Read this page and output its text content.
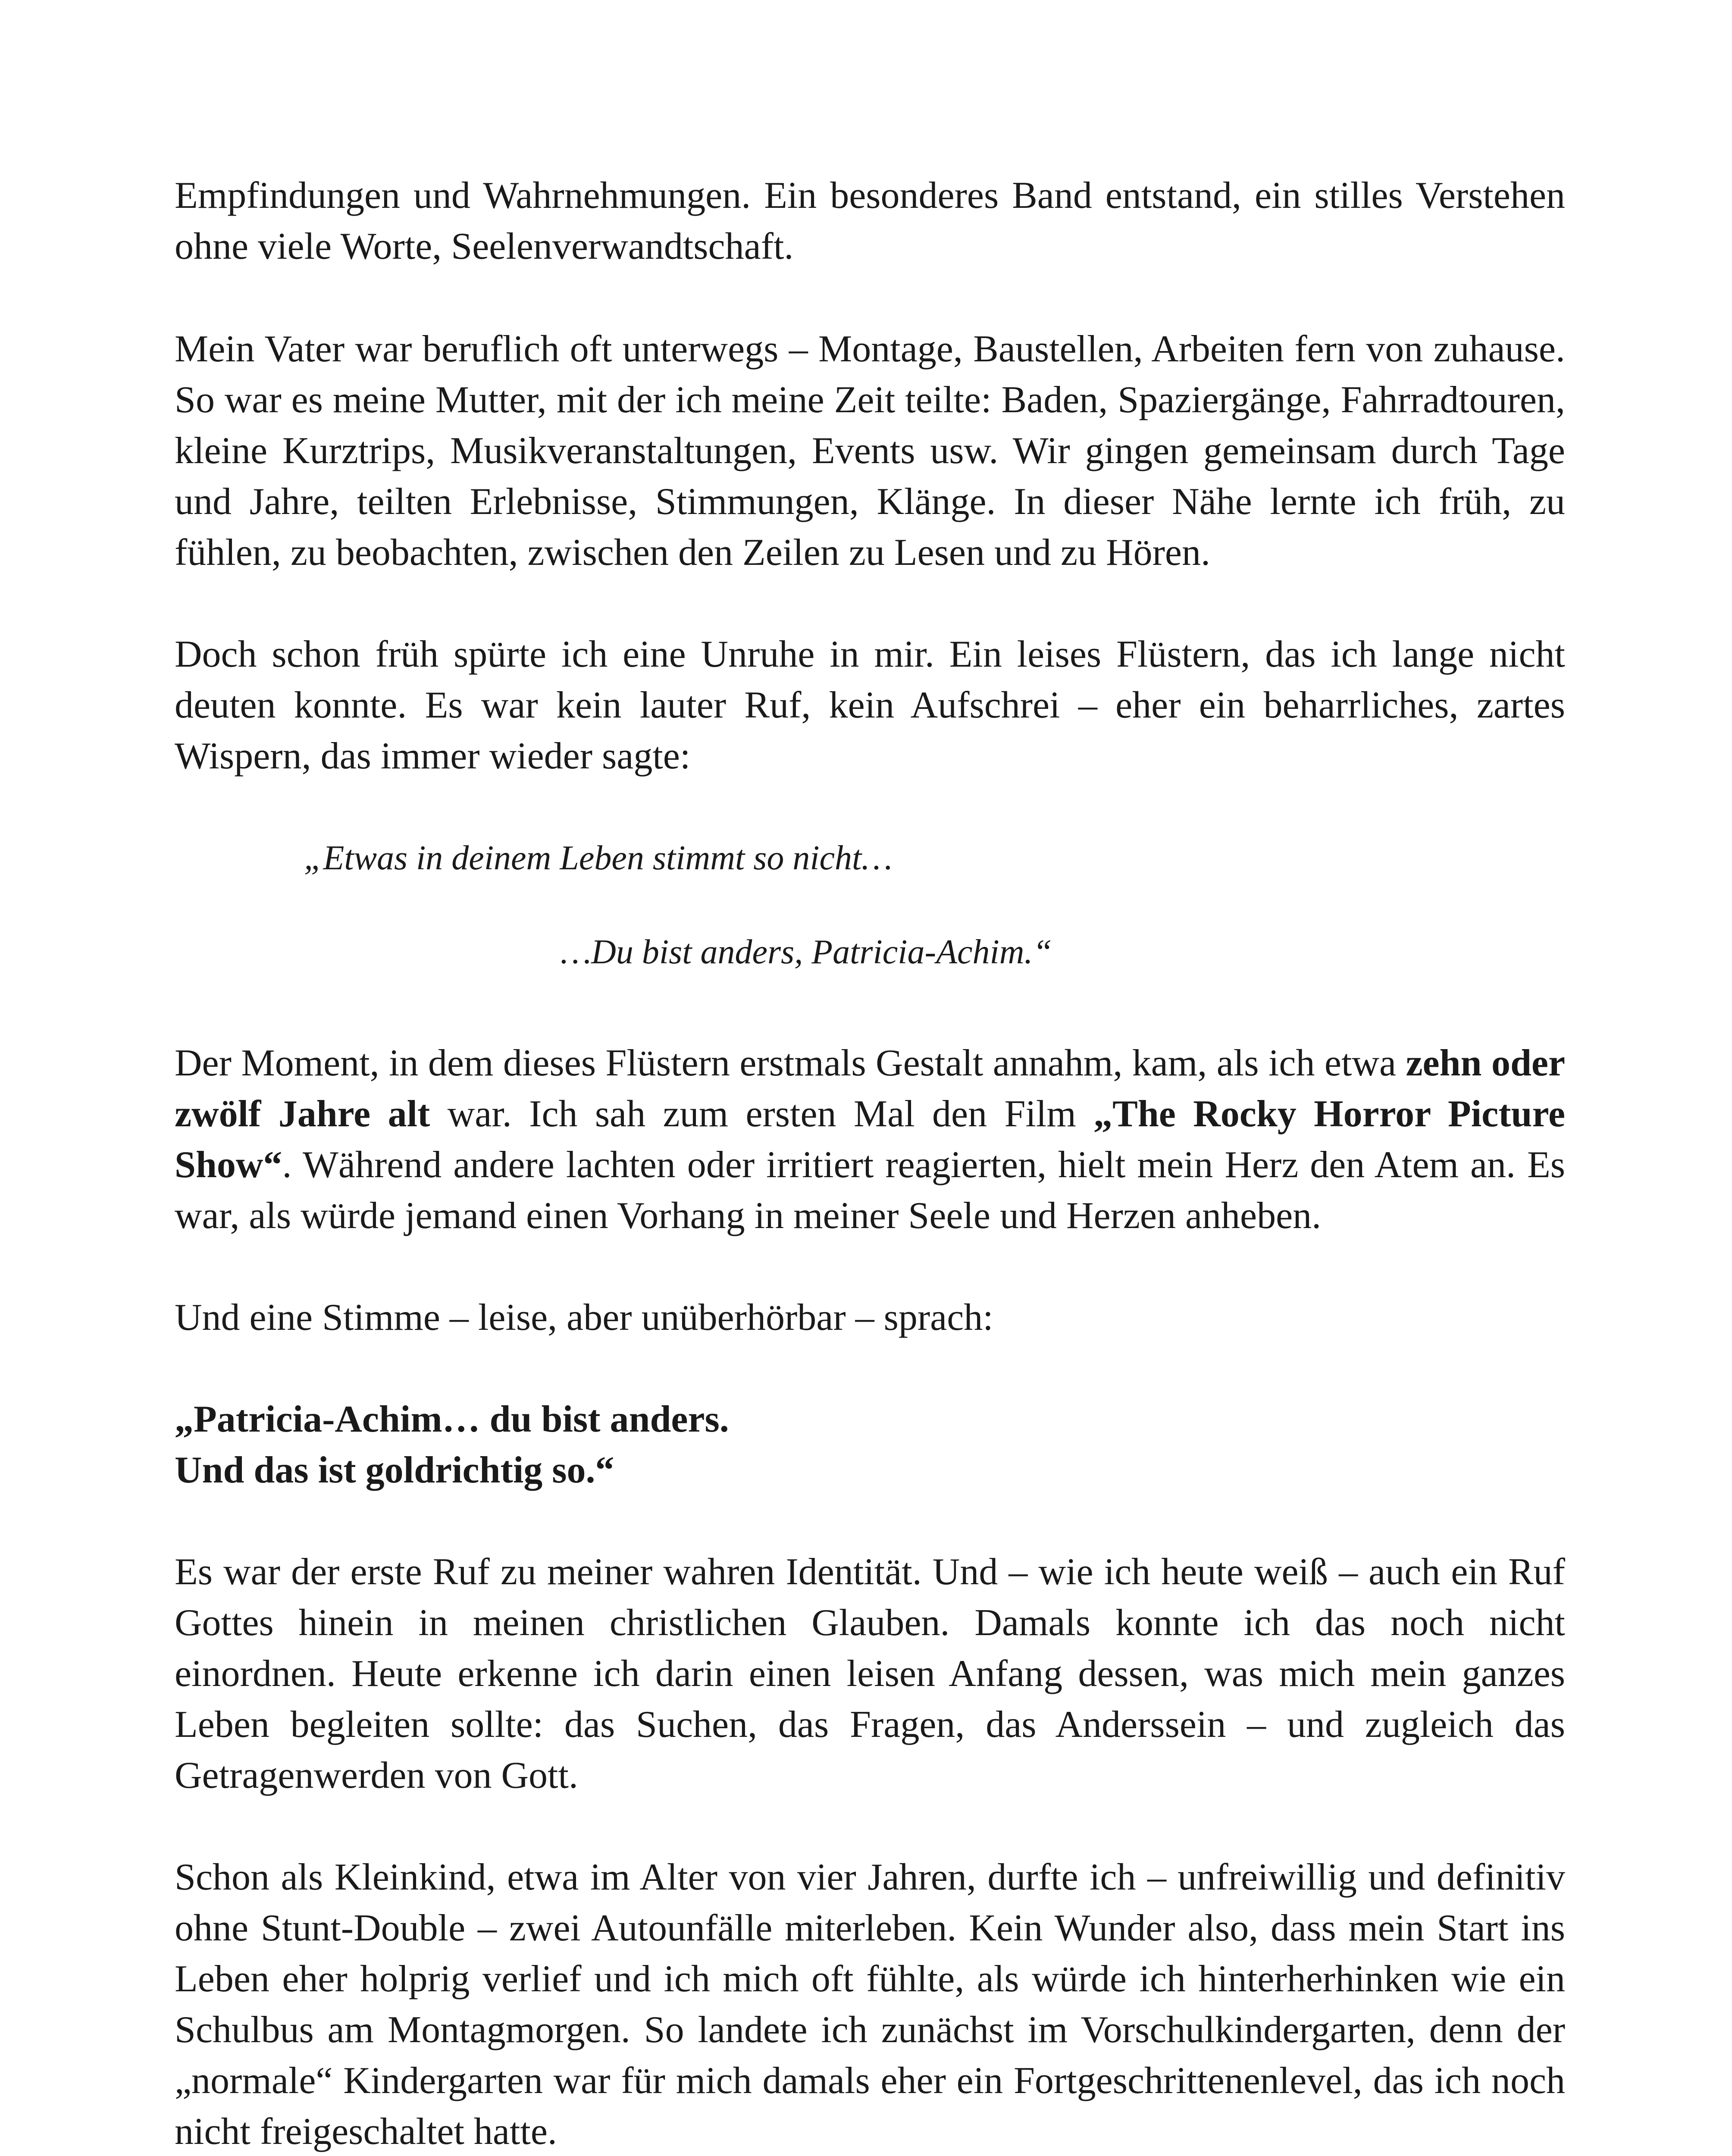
Empfindungen und Wahrnehmungen. Ein besonderes Band entstand, ein stilles Verstehen ohne viele Worte, Seelenverwandtschaft.

Mein Vater war beruflich oft unterwegs – Montage, Baustellen, Arbeiten fern von zuhause. So war es meine Mutter, mit der ich meine Zeit teilte: Baden, Spaziergänge, Fahrradtouren, kleine Kurztrips, Musikveranstaltungen, Events usw. Wir gingen gemeinsam durch Tage und Jahre, teilten Erlebnisse, Stimmungen, Klänge. In dieser Nähe lernte ich früh, zu fühlen, zu beobachten, zwischen den Zeilen zu Lesen und zu Hören.

Doch schon früh spürte ich eine Unruhe in mir. Ein leises Flüstern, das ich lange nicht deuten konnte. Es war kein lauter Ruf, kein Aufschrei – eher ein beharrliches, zartes Wispern, das immer wieder sagte:

„Etwas in deinem Leben stimmt so nicht…

…Du bist anders, Patricia-Achim.“

Der Moment, in dem dieses Flüstern erstmals Gestalt annahm, kam, als ich etwa zehn oder zwölf Jahre alt war. Ich sah zum ersten Mal den Film „The Rocky Horror Picture Show“. Während andere lachten oder irritiert reagierten, hielt mein Herz den Atem an. Es war, als würde jemand einen Vorhang in meiner Seele und Herzen anheben.

Und eine Stimme – leise, aber unüberhörbar – sprach:

„Patricia-Achim… du bist anders.
Und das ist goldrichtig so.“

Es war der erste Ruf zu meiner wahren Identität. Und – wie ich heute weiß – auch ein Ruf Gottes hinein in meinen christlichen Glauben. Damals konnte ich das noch nicht einordnen. Heute erkenne ich darin einen leisen Anfang dessen, was mich mein ganzes Leben begleiten sollte: das Suchen, das Fragen, das Anderssein – und zugleich das Getragenwerden von Gott.

Schon als Kleinkind, etwa im Alter von vier Jahren, durfte ich – unfreiwillig und definitiv ohne Stunt-Double – zwei Autounfälle miterleben. Kein Wunder also, dass mein Start ins Leben eher holprig verlief und ich mich oft fühlte, als würde ich hinterherhinken wie ein Schulbus am Montagmorgen. So landete ich zunächst im Vorschulkindergarten, denn der „normale“ Kindergarten war für mich damals eher ein Fortgeschrittenenlevel, das ich noch nicht freigeschaltet hatte.
